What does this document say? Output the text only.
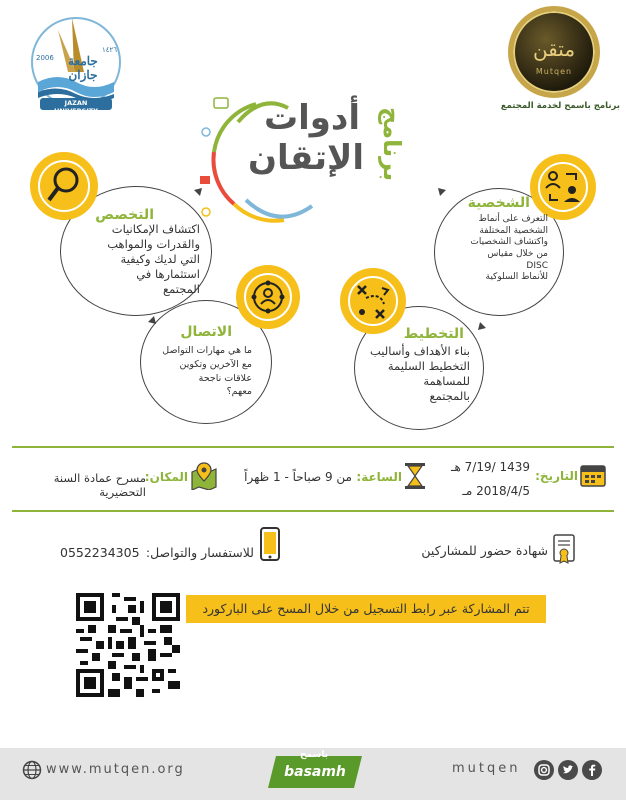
جامعة جازان
2006
١٤٢٦
JAZAN UNIVERSITY
متقن
Mutqen
برنامج باسمح لخدمة المجتمع
أدوات
الإتقان برنامج
التخصص
اكتشاف الإمكانيات
والقدرات والمواهب
التي لديك وكيفية
استثمارها في
المجتمع
الشخصية
التعرف على أنماط
الشخصية المختلفة
واكتشاف الشخصيات
من خلال مقياس
DISC
للأنماط السلوكية
الاتصال
ما هي مهارات التواصل
مع الآخرين وتكوين
علاقات ناجحة
معهم؟
التخطيط
بناء الأهداف وأساليب
التخطيط السليمة
للمساهمة
بالمجتمع
التاريخ:
1439 /7/19 هـ
2018/4/5 مـ
الساعة:
من 9 صباحاً - 1 ظهراً
المكان:
مسرح عمادة السنة التحضيرية
شهادة حضور للمشاركين
للاستفسار والتواصل:
0552234305
تتم المشاركة عبر رابط التسجيل من خلال المسح على الباركورد
www.mutqen.org	basamh
باسمح
mutqen
